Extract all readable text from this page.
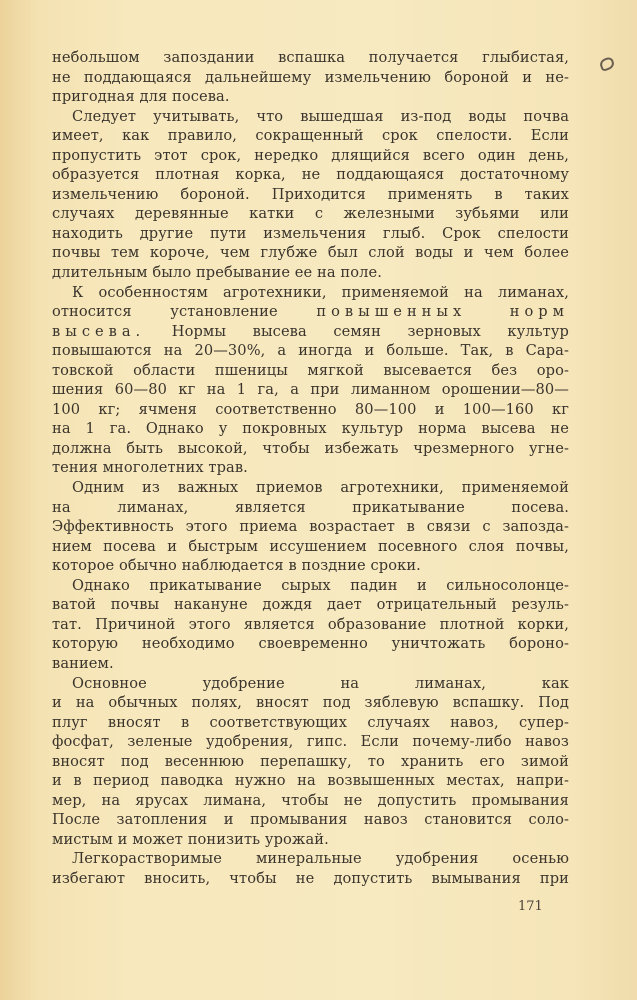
небольшом запоздании вспашка получается глыбистая,
не поддающаяся дальнейшему измельчению бороной и не-
пригодная для посева.
Следует учитывать, что вышедшая из-под воды почва
имеет, как правило, сокращенный срок спелости. Если
пропустить этот срок, нередко длящийся всего один день,
образуется плотная корка, не поддающаяся достаточному
измельчению бороной. Приходится применять в таких
случаях деревянные катки с железными зубьями или
находить другие пути измельчения глыб. Срок спелости
почвы тем короче, чем глубже был слой воды и чем более
длительным было пребывание ее на поле.
К особенностям агротехники, применяемой на лиманах,
относится установление повышенных норм
высева. Нормы высева семян зерновых культур
повышаются на 20—30%, а иногда и больше. Так, в Сара-
товской области пшеницы мягкой высевается без оро-
шения 60—80 кг на 1 га, а при лиманном орошении—80—
100 кг; ячменя соответственно 80—100 и 100—160 кг
на 1 га. Однако у покровных культур норма высева не
должна быть высокой, чтобы избежать чрезмерного угне-
тения многолетних трав.
Одним из важных приемов агротехники, применяемой
на лиманах, является прикатывание посева.
Эффективность этого приема возрастает в связи с запозда-
нием посева и быстрым иссушением посевного слоя почвы,
которое обычно наблюдается в поздние сроки.
Однако прикатывание сырых падин и сильносолонце-
ватой почвы накануне дождя дает отрицательный резуль-
тат. Причиной этого является образование плотной корки,
которую необходимо своевременно уничтожать бороно-
ванием.
Основное удобрение на лиманах, как
и на обычных полях, вносят под зяблевую вспашку. Под
плуг вносят в соответствующих случаях навоз, супер-
фосфат, зеленые удобрения, гипс. Если почему-либо навоз
вносят под весеннюю перепашку, то хранить его зимой
и в период паводка нужно на возвышенных местах, напри-
мер, на ярусах лимана, чтобы не допустить промывания
После затопления и промывания навоз становится соло-
мистым и может понизить урожай.
Легкорастворимые минеральные удобрения осенью
избегают вносить, чтобы не допустить вымывания при
171
